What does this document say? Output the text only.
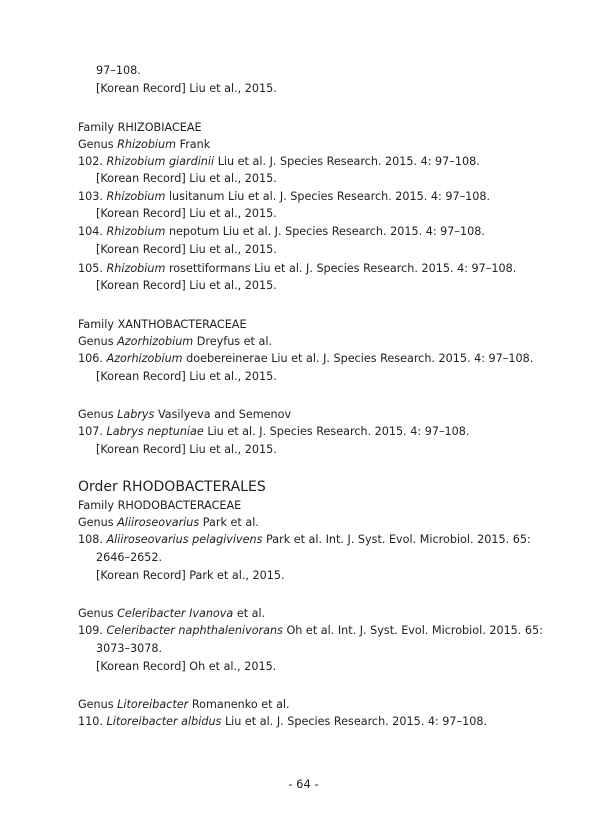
97–108.
[Korean Record] Liu et al., 2015.
Family RHIZOBIACEAE
Genus Rhizobium Frank
102. Rhizobium giardinii Liu et al. J. Species Research. 2015. 4: 97–108.
[Korean Record] Liu et al., 2015.
103. Rhizobium lusitanum Liu et al. J. Species Research. 2015. 4: 97–108.
[Korean Record] Liu et al., 2015.
104. Rhizobium nepotum Liu et al. J. Species Research. 2015. 4: 97–108.
[Korean Record] Liu et al., 2015.
105. Rhizobium rosettiformans Liu et al. J. Species Research. 2015. 4: 97–108.
[Korean Record] Liu et al., 2015.
Family XANTHOBACTERACEAE
Genus Azorhizobium Dreyfus et al.
106. Azorhizobium doebereinerae Liu et al. J. Species Research. 2015. 4: 97–108.
[Korean Record] Liu et al., 2015.
Genus Labrys Vasilyeva and Semenov
107. Labrys neptuniae Liu et al. J. Species Research. 2015. 4: 97–108.
[Korean Record] Liu et al., 2015.
Order RHODOBACTERALES
Family RHODOBACTERACEAE
Genus Aliiroseovarius Park et al.
108. Aliiroseovarius pelagivivens Park et al. Int. J. Syst. Evol. Microbiol. 2015. 65:
2646–2652.
[Korean Record] Park et al., 2015.
Genus Celeribacter Ivanova et al.
109. Celeribacter naphthalenivorans Oh et al. Int. J. Syst. Evol. Microbiol. 2015. 65:
3073–3078.
[Korean Record] Oh et al., 2015.
Genus Litoreibacter Romanenko et al.
110. Litoreibacter albidus Liu et al. J. Species Research. 2015. 4: 97–108.
- 64 -
